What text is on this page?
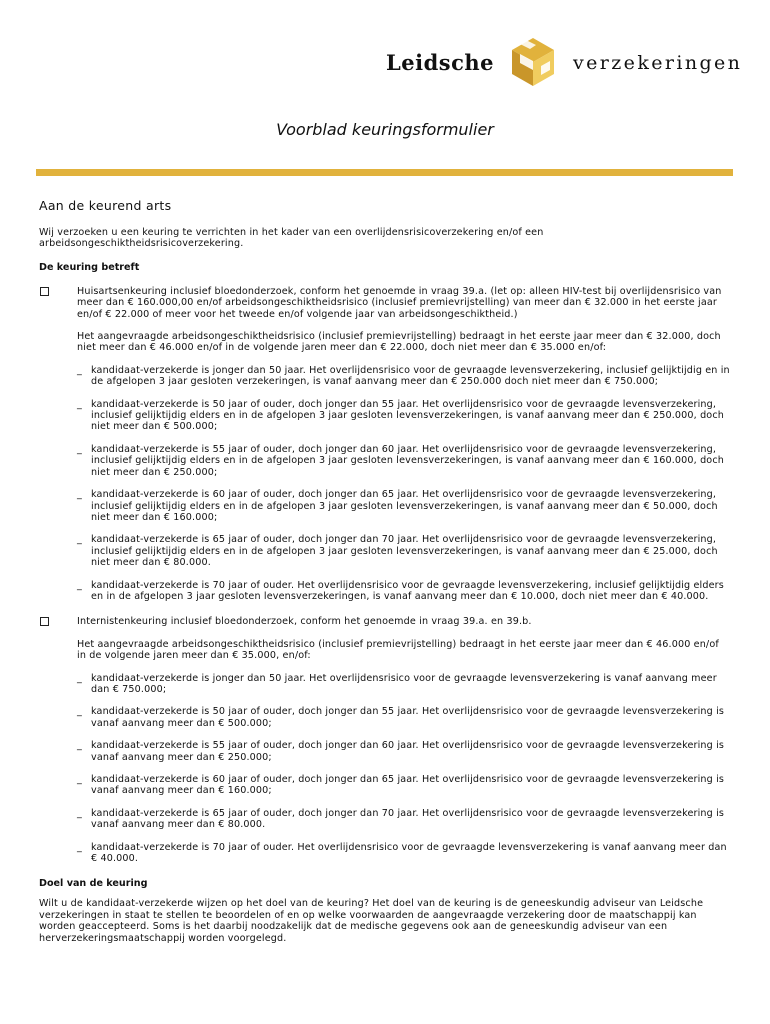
Leidsche	verzekeringen
Voorblad keuringsformulier
Aan de keurend arts

Wij verzoeken u een keuring te verrichten in het kader van een overlijdensrisicoverzekering en/of een arbeidsongeschiktheidsrisicoverzekering.

De keuring betreft

Huisartsenkeuring inclusief bloedonderzoek, conform het genoemde in vraag 39.a. (let op: alleen HIV-test bij overlijdensrisico van meer dan € 160.000,00 en/of arbeidsongeschiktheidsrisico (inclusief premievrijstelling) van meer dan € 32.000 in het eerste jaar en/of € 22.000 of meer voor het tweede en/of volgende jaar van arbeidsongeschiktheid.)

Het aangevraagde arbeidsongeschiktheidsrisico (inclusief premievrijstelling) bedraagt in het eerste jaar meer dan € 32.000, doch niet meer dan € 46.000 en/of in de volgende jaren meer dan € 22.000, doch niet meer dan € 35.000 en/of:

_ kandidaat-verzekerde is jonger dan 50 jaar. Het overlijdensrisico voor de gevraagde levensverzekering, inclusief gelijktijdig en in de afgelopen 3 jaar gesloten verzekeringen, is vanaf aanvang meer dan € 250.000 doch niet meer dan € 750.000;
_ kandidaat-verzekerde is 50 jaar of ouder, doch jonger dan 55 jaar. Het overlijdensrisico voor de gevraagde levensverzekering, inclusief gelijktijdig elders en in de afgelopen 3 jaar gesloten levensverzekeringen, is vanaf aanvang meer dan € 250.000, doch niet meer dan € 500.000;
_ kandidaat-verzekerde is 55 jaar of ouder, doch jonger dan 60 jaar. Het overlijdensrisico voor de gevraagde levensverzekering, inclusief gelijktijdig elders en in de afgelopen 3 jaar gesloten levensverzekeringen, is vanaf aanvang meer dan € 160.000, doch niet meer dan € 250.000;
_ kandidaat-verzekerde is 60 jaar of ouder, doch jonger dan 65 jaar. Het overlijdensrisico voor de gevraagde levensverzekering, inclusief gelijktijdig elders en in de afgelopen 3 jaar gesloten levensverzekeringen, is vanaf aanvang meer dan € 50.000, doch niet meer dan € 160.000;
_ kandidaat-verzekerde is 65 jaar of ouder, doch jonger dan 70 jaar. Het overlijdensrisico voor de gevraagde levensverzekering, inclusief gelijktijdig elders en in de afgelopen 3 jaar gesloten levensverzekeringen, is vanaf aanvang meer dan € 25.000, doch niet meer dan € 80.000.
_ kandidaat-verzekerde is 70 jaar of ouder. Het overlijdensrisico voor de gevraagde levensverzekering, inclusief gelijktijdig elders en in de afgelopen 3 jaar gesloten levensverzekeringen, is vanaf aanvang meer dan € 10.000, doch niet meer dan € 40.000.

Internistenkeuring inclusief bloedonderzoek, conform het genoemde in vraag 39.a. en 39.b.

Het aangevraagde arbeidsongeschiktheidsrisico (inclusief premievrijstelling) bedraagt in het eerste jaar meer dan € 46.000 en/of in de volgende jaren meer dan € 35.000, en/of:

_ kandidaat-verzekerde is jonger dan 50 jaar. Het overlijdensrisico voor de gevraagde levensverzekering is vanaf aanvang meer dan € 750.000;
_ kandidaat-verzekerde is 50 jaar of ouder, doch jonger dan 55 jaar. Het overlijdensrisico voor de gevraagde levensverzekering is vanaf aanvang meer dan € 500.000;
_ kandidaat-verzekerde is 55 jaar of ouder, doch jonger dan 60 jaar. Het overlijdensrisico voor de gevraagde levensverzekering is vanaf aanvang meer dan € 250.000;
_ kandidaat-verzekerde is 60 jaar of ouder, doch jonger dan 65 jaar. Het overlijdensrisico voor de gevraagde levensverzekering is vanaf aanvang meer dan € 160.000;
_ kandidaat-verzekerde is 65 jaar of ouder, doch jonger dan 70 jaar. Het overlijdensrisico voor de gevraagde levensverzekering is vanaf aanvang meer dan € 80.000.
_ kandidaat-verzekerde is 70 jaar of ouder. Het overlijdensrisico voor de gevraagde levensverzekering is vanaf aanvang meer dan € 40.000.
Doel van de keuring

Wilt u de kandidaat-verzekerde wijzen op het doel van de keuring? Het doel van de keuring is de geneeskundig adviseur van Leidsche verzekeringen in staat te stellen te beoordelen of en op welke voorwaarden de aangevraagde verzekering door de maatschappij kan worden geaccepteerd. Soms is het daarbij noodzakelijk dat de medische gegevens ook aan de geneeskundig adviseur van een herverzekeringsmaatschappij worden voorgelegd.
